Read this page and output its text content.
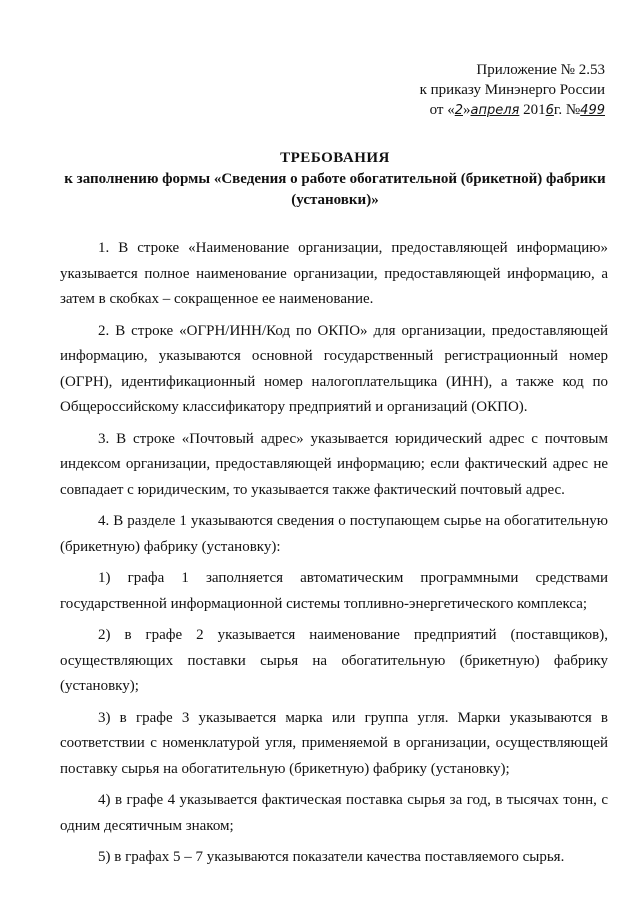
Приложение № 2.53
к приказу Минэнерго России
от «2»апреля 2016г. №499
ТРЕБОВАНИЯ
к заполнению формы «Сведения о работе обогатительной (брикетной) фабрики
(установки)»

1. В строке «Наименование организации, предоставляющей информацию» указывается полное наименование организации, предоставляющей информацию, а затем в скобках – сокращенное ее наименование.

2. В строке «ОГРН/ИНН/Код по ОКПО» для организации, предоставляющей информацию, указываются основной государственный регистрационный номер (ОГРН), идентификационный номер налогоплательщика (ИНН), а также код по Общероссийскому классификатору предприятий и организаций (ОКПО).

3. В строке «Почтовый адрес» указывается юридический адрес с почтовым индексом организации, предоставляющей информацию; если фактический адрес не совпадает с юридическим, то указывается также фактический почтовый адрес.

4. В разделе 1 указываются сведения о поступающем сырье на обогатительную (брикетную) фабрику (установку):

1) графа 1 заполняется автоматическим программными средствами государственной информационной системы топливно-энергетического комплекса;

2) в графе 2 указывается наименование предприятий (поставщиков), осуществляющих поставки сырья на обогатительную (брикетную) фабрику (установку);

3) в графе 3 указывается марка или группа угля. Марки указываются в соответствии с номенклатурой угля, применяемой в организации, осуществляющей поставку сырья на обогатительную (брикетную) фабрику (установку);

4) в графе 4 указывается фактическая поставка сырья за год, в тысячах тонн, с одним десятичным знаком;

5) в графах 5 – 7 указываются показатели качества поставляемого сырья.
